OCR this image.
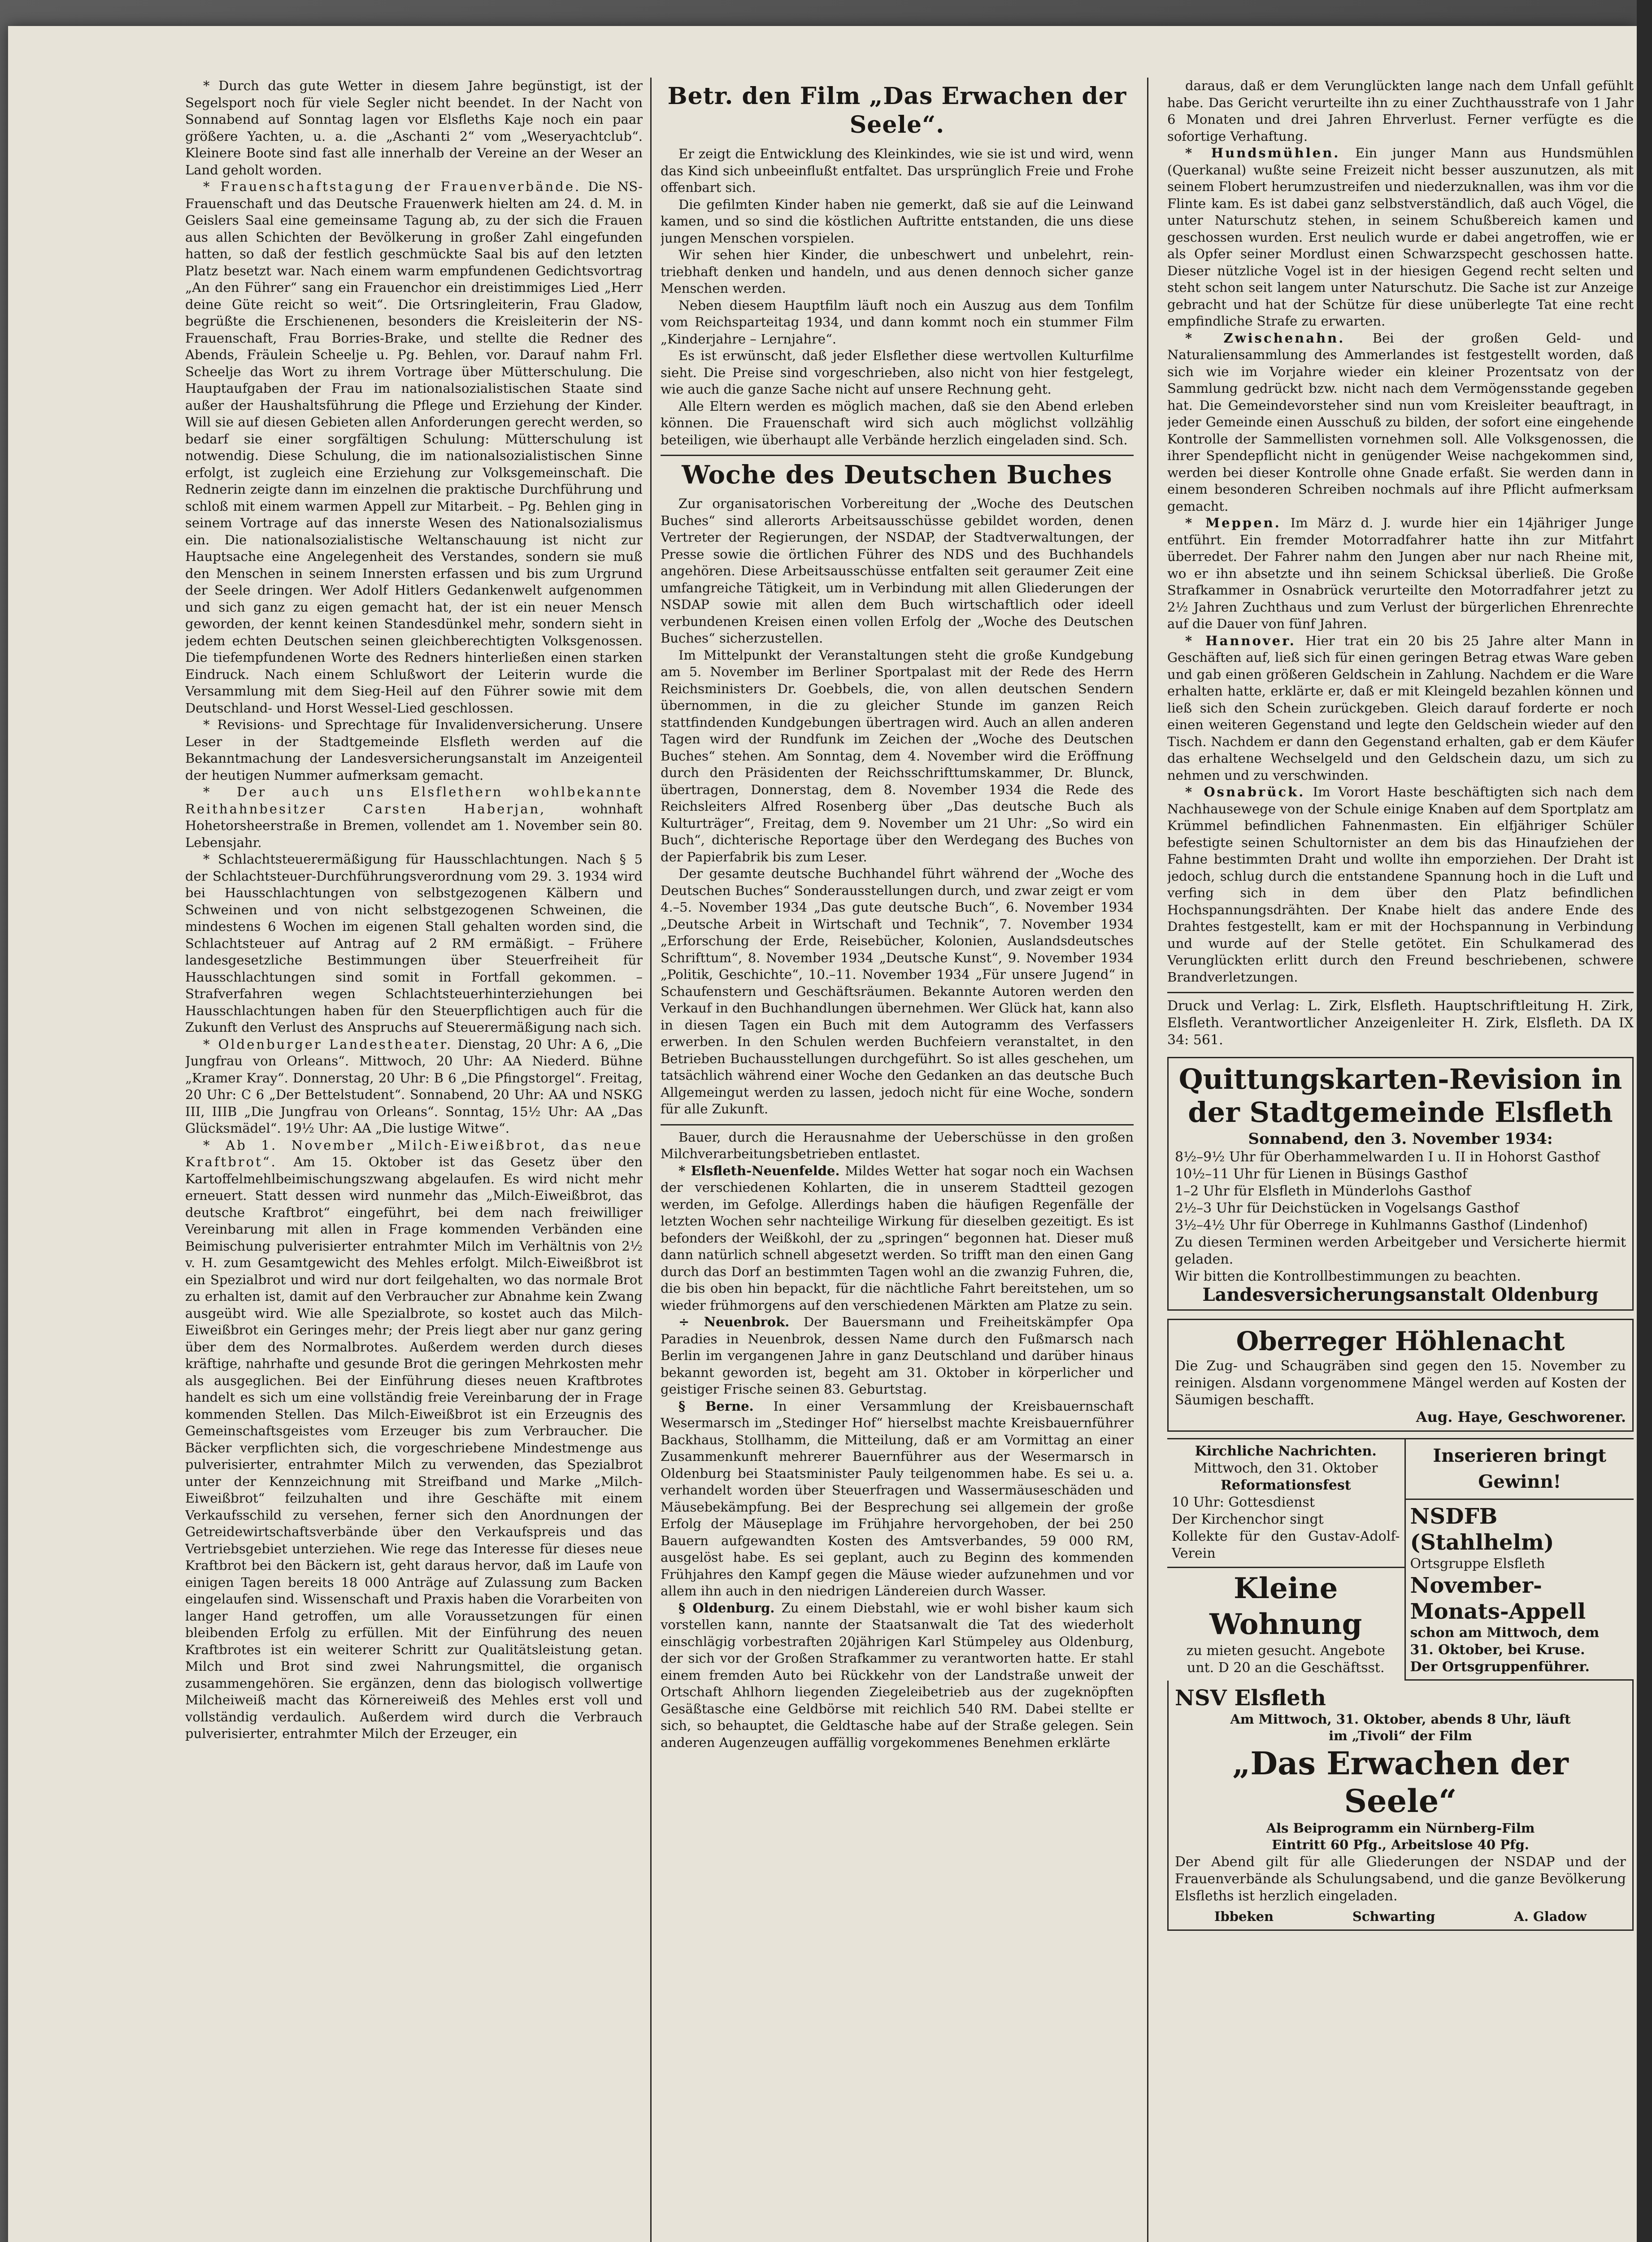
* Durch das gute Wetter in diesem Jahre begünstigt, ist der Segelsport noch für viele Segler nicht beendet. In der Nacht von Sonnabend auf Sonntag lagen vor Elsfleths Kaje noch ein paar größere Yachten, u. a. die „Aschanti 2“ vom „Weseryachtclub“. Kleinere Boote sind fast alle innerhalb der Vereine an der Weser an Land geholt worden.

* Frauenschaftstagung der Frauenverbände. Die NS-Frauenschaft und das Deutsche Frauenwerk hielten am 24. d. M. in Geislers Saal eine gemeinsame Tagung ab, zu der sich die Frauen aus allen Schichten der Bevölkerung in großer Zahl eingefunden hatten, so daß der festlich geschmückte Saal bis auf den letzten Platz besetzt war. Nach einem warm empfundenen Gedichtsvortrag „An den Führer“ sang ein Frauenchor ein dreistimmiges Lied „Herr deine Güte reicht so weit“. Die Ortsringleiterin, Frau Gladow, begrüßte die Erschienenen, besonders die Kreisleiterin der NS-Frauenschaft, Frau Borries-Brake, und stellte die Redner des Abends, Fräulein Scheelje u. Pg. Behlen, vor. Darauf nahm Frl. Scheelje das Wort zu ihrem Vortrage über Mütterschulung. Die Hauptaufgaben der Frau im nationalsozialistischen Staate sind außer der Haushaltsführung die Pflege und Erziehung der Kinder. Will sie auf diesen Gebieten allen Anforderungen gerecht werden, so bedarf sie einer sorgfältigen Schulung: Mütterschulung ist notwendig. Diese Schulung, die im nationalsozialistischen Sinne erfolgt, ist zugleich eine Erziehung zur Volksgemeinschaft. Die Rednerin zeigte dann im einzelnen die praktische Durchführung und schloß mit einem warmen Appell zur Mitarbeit. – Pg. Behlen ging in seinem Vortrage auf das innerste Wesen des Nationalsozialismus ein. Die nationalsozialistische Weltanschauung ist nicht zur Hauptsache eine Angelegenheit des Verstandes, sondern sie muß den Menschen in seinem Innersten erfassen und bis zum Urgrund der Seele dringen. Wer Adolf Hitlers Gedankenwelt aufgenommen und sich ganz zu eigen gemacht hat, der ist ein neuer Mensch geworden, der kennt keinen Standesdünkel mehr, sondern sieht in jedem echten Deutschen seinen gleichberechtigten Volksgenossen. Die tiefempfundenen Worte des Redners hinterließen einen starken Eindruck. Nach einem Schlußwort der Leiterin wurde die Versammlung mit dem Sieg-Heil auf den Führer sowie mit dem Deutschland- und Horst Wessel-Lied geschlossen.

* Revisions- und Sprechtage für Invalidenversicherung. Unsere Leser in der Stadtgemeinde Elsfleth werden auf die Bekanntmachung der Landesversicherungsanstalt im Anzeigenteil der heutigen Nummer aufmerksam gemacht.

* Der auch uns Elsflethern wohlbekannte Reithahnbesitzer Carsten Haberjan,	wohnhaft Hohetorsheerstraße in Bremen, vollendet am 1. November sein 80. Lebensjahr.

* Schlachtsteuerermäßigung für Hausschlachtungen. Nach § 5 der Schlachtsteuer-Durchführungsverordnung vom 29. 3. 1934 wird bei Hausschlachtungen von selbstgezogenen Kälbern und Schweinen und von nicht selbstgezogenen Schweinen, die mindestens 6 Wochen im eigenen Stall gehalten worden sind, die Schlachtsteuer auf Antrag auf 2 RM ermäßigt. – Frühere landesgesetzliche Bestimmungen über Steuerfreiheit für Hausschlachtungen sind somit in Fortfall gekommen. – Strafverfahren wegen Schlachtsteuerhinterziehungen bei Hausschlachtungen haben für den Steuerpflichtigen auch für die Zukunft den Verlust des Anspruchs auf Steuerermäßigung nach sich.

* Oldenburger Landestheater. Dienstag, 20 Uhr: A 6, „Die Jungfrau von Orleans“. Mittwoch, 20 Uhr: AA Niederd. Bühne „Kramer Kray“. Donnerstag, 20 Uhr: B 6 „Die Pfingstorgel“. Freitag, 20 Uhr: C 6 „Der Bettelstudent“. Sonnabend, 20 Uhr: AA und NSKG III, IIIB „Die Jungfrau von Orleans“. Sonntag, 15½ Uhr: AA „Das Glücksmädel“. 19½ Uhr: AA „Die lustige Witwe“.

* Ab 1. November „Milch-Eiweißbrot, das neue Kraftbrot“. Am 15. Oktober ist das Gesetz über den Kartoffelmehlbeimischungszwang abgelaufen. Es wird nicht mehr erneuert. Statt dessen wird nunmehr das „Milch-Eiweißbrot, das deutsche Kraftbrot“ eingeführt, bei dem nach freiwilliger Vereinbarung mit allen in Frage kommenden Verbänden eine Beimischung pulverisierter entrahmter Milch im Verhältnis von 2½ v. H. zum Gesamtgewicht des Mehles erfolgt. Milch-Eiweißbrot ist ein Spezialbrot und wird nur dort feilgehalten, wo das normale Brot zu erhalten ist, damit auf den Verbraucher zur Abnahme kein Zwang ausgeübt wird. Wie alle Spezialbrote, so kostet auch das Milch-Eiweißbrot ein Geringes mehr; der Preis liegt aber nur ganz gering über dem des Normalbrotes. Außerdem werden durch dieses kräftige, nahrhafte und gesunde Brot die geringen Mehrkosten mehr als ausgeglichen. Bei der Einführung dieses neuen Kraftbrotes handelt es sich um eine vollständig freie Vereinbarung der in Frage kommenden Stellen. Das Milch-Eiweißbrot ist ein Erzeugnis des Gemeinschaftsgeistes vom Erzeuger bis zum Verbraucher. Die Bäcker verpflichten sich, die vorgeschriebene Mindestmenge aus pulverisierter, entrahmter Milch zu verwenden, das Spezialbrot unter der Kennzeichnung mit Streifband und Marke „Milch-Eiweißbrot“ feilzuhalten und ihre Geschäfte mit einem Verkaufsschild zu versehen, ferner sich den Anordnungen der Getreidewirtschaftsverbände über den Verkaufspreis und das Vertriebsgebiet unterziehen. Wie rege das Interesse für dieses neue Kraftbrot bei den Bäckern ist, geht daraus hervor, daß im Laufe von einigen Tagen bereits 18 000 Anträge auf Zulassung zum Backen eingelaufen sind. Wissenschaft und Praxis haben die Vorarbeiten von langer Hand getroffen, um alle Voraussetzungen für einen bleibenden Erfolg zu erfüllen. Mit der Einführung des neuen Kraftbrotes ist ein weiterer Schritt zur Qualitätsleistung getan. Milch und Brot sind zwei Nahrungsmittel, die organisch zusammengehören. Sie ergänzen, denn das biologisch vollwertige Milcheiweiß macht das Körnereiweiß des Mehles erst voll und vollständig verdaulich. Außerdem wird durch die Verbrauch pulverisierter, entrahmter Milch der Erzeuger, ein

Betr. den Film „Das Erwachen der Seele“.

Er zeigt die Entwicklung des Kleinkindes, wie sie ist und wird, wenn das Kind sich unbeeinflußt entfaltet. Das ursprünglich Freie und Frohe offenbart sich.

Die gefilmten Kinder haben nie gemerkt, daß sie auf die Leinwand kamen, und so sind die köstlichen Auftritte entstanden, die uns diese jungen Menschen vorspielen.

Wir sehen hier Kinder, die unbeschwert und unbelehrt, rein-triebhaft denken und handeln, und aus denen dennoch sicher ganze Menschen werden.

Neben diesem Hauptfilm läuft noch ein Auszug aus dem Tonfilm vom Reichsparteitag 1934, und dann kommt noch ein stummer Film „Kinderjahre – Lernjahre“.

Es ist erwünscht, daß jeder Elsflether diese wertvollen Kulturfilme sieht. Die Preise sind vorgeschrieben, also nicht von hier festgelegt, wie auch die ganze Sache nicht auf unsere Rechnung geht.

Alle Eltern werden es möglich machen, daß sie den Abend erleben können. Die Frauenschaft wird sich auch möglichst vollzählig beteiligen, wie überhaupt alle Verbände herzlich eingeladen sind. Sch.

Woche des Deutschen Buches

Zur organisatorischen Vorbereitung der „Woche des Deutschen Buches“ sind allerorts Arbeitsausschüsse gebildet worden, denen Vertreter der Regierungen, der NSDAP, der Stadtverwaltungen, der Presse sowie die örtlichen Führer des NDS und des Buchhandels angehören. Diese Arbeitsausschüsse entfalten seit geraumer Zeit eine umfangreiche Tätigkeit, um in Verbindung mit allen Gliederungen der NSDAP sowie mit allen dem Buch wirtschaftlich oder ideell verbundenen Kreisen einen vollen Erfolg der „Woche des Deutschen Buches“ sicherzustellen.

Im Mittelpunkt der Veranstaltungen steht die große Kundgebung am 5. November im Berliner Sportpalast mit der Rede des Herrn Reichsministers Dr. Goebbels, die, von allen deutschen Sendern übernommen, in die zu gleicher Stunde im ganzen Reich stattfindenden Kundgebungen übertragen wird. Auch an allen anderen Tagen wird der Rundfunk im Zeichen der „Woche des Deutschen Buches“ stehen. Am Sonntag, dem 4. November wird die Eröffnung durch den Präsidenten der Reichsschrifttumskammer, Dr. Blunck, übertragen, Donnerstag, dem 8. November 1934 die Rede des Reichsleiters Alfred Rosenberg über „Das deutsche Buch als Kulturträger“, Freitag, dem 9. November um 21 Uhr: „So wird ein Buch“, dichterische Reportage über den Werdegang des Buches von der Papierfabrik bis zum Leser.

Der gesamte deutsche Buchhandel führt während der „Woche des Deutschen Buches“ Sonderausstellungen durch, und zwar zeigt er vom 4.–5. November 1934 „Das gute deutsche Buch“, 6. November 1934 „Deutsche Arbeit in Wirtschaft und Technik“, 7. November 1934 „Erforschung der Erde, Reisebücher, Kolonien, Auslandsdeutsches Schrifttum“, 8. November 1934 „Deutsche Kunst“, 9. November 1934 „Politik, Geschichte“, 10.–11. November 1934 „Für unsere Jugend“ in Schaufenstern und Geschäftsräumen. Bekannte Autoren werden den Verkauf in den Buchhandlungen übernehmen. Wer Glück hat, kann also in diesen Tagen ein Buch mit dem Autogramm des Verfassers erwerben. In den Schulen werden Buchfeiern veranstaltet, in den Betrieben Buchausstellungen durchgeführt. So ist alles geschehen, um tatsächlich während einer Woche den Gedanken an das deutsche Buch Allgemeingut werden zu lassen, jedoch nicht für eine Woche, sondern für alle Zukunft.

Bauer, durch die Herausnahme der Ueberschüsse in den großen Milchverarbeitungsbetrieben entlastet.

* Elsfleth-Neuenfelde. Mildes Wetter hat sogar noch ein Wachsen der verschiedenen Kohlarten, die in unserem Stadtteil gezogen werden, im Gefolge. Allerdings haben die häufigen Regenfälle der letzten Wochen sehr nachteilige Wirkung für dieselben gezeitigt. Es ist befonders der Weißkohl, der zu „springen“ begonnen hat. Dieser muß dann natürlich schnell abgesetzt werden. So trifft man den einen Gang durch das Dorf an bestimmten Tagen wohl an die zwanzig Fuhren, die, die bis oben hin bepackt, für die nächtliche Fahrt bereitstehen, um so wieder frühmorgens auf den verschiedenen Märkten am Platze zu sein.

÷ Neuenbrok. Der Bauersmann und Freiheitskämpfer Opa Paradies in Neuenbrok, dessen Name durch den Fußmarsch nach Berlin im vergangenen Jahre in ganz Deutschland und darüber hinaus bekannt geworden ist, begeht am 31. Oktober in körperlicher und geistiger Frische seinen 83. Geburtstag.

§ Berne. In einer Versammlung der Kreisbauernschaft Wesermarsch im „Stedinger Hof“ hierselbst machte Kreisbauernführer Backhaus, Stollhamm, die Mitteilung, daß er am Vormittag an einer Zusammenkunft mehrerer Bauernführer aus der Wesermarsch in Oldenburg bei Staatsminister Pauly teilgenommen habe. Es sei u. a. verhandelt worden über Steuerfragen und Wassermäuseschäden und Mäusebekämpfung. Bei der Besprechung sei allgemein der große Erfolg der Mäuseplage im Frühjahre hervorgehoben, der bei 250 Bauern aufgewandten Kosten des Amtsverbandes, 59 000 RM, ausgelöst habe. Es sei geplant, auch zu Beginn des kommenden Frühjahres den Kampf gegen die Mäuse wieder aufzunehmen und vor allem ihn auch in den niedrigen Ländereien durch Wasser.

§ Oldenburg. Zu einem Diebstahl, wie er wohl bisher kaum sich vorstellen kann, nannte der Staatsanwalt die Tat des wiederholt einschlägig vorbestraften 20jährigen Karl Stümpeley aus Oldenburg, der sich vor der Großen Strafkammer zu verantworten hatte. Er stahl einem fremden Auto bei Rückkehr von der Landstraße unweit der Ortschaft Ahlhorn liegenden Ziegeleibetrieb aus der zugeknöpften Gesäßtasche eine Geldbörse mit reichlich 540 RM. Dabei stellte er sich, so behauptet, die Geldtasche habe auf der Straße gelegen. Sein anderen Augenzeugen auffällig vorgekommenes Benehmen erklärte

daraus, daß er dem Verunglückten lange nach dem Unfall gefühlt habe. Das Gericht verurteilte ihn zu einer Zuchthausstrafe von 1 Jahr 6 Monaten und drei Jahren Ehrverlust. Ferner verfügte es die sofortige Verhaftung.

* Hundsmühlen. Ein junger Mann aus Hundsmühlen (Querkanal) wußte seine Freizeit nicht besser auszunutzen, als mit seinem Flobert herumzustreifen und niederzuknallen, was ihm vor die Flinte kam. Es ist dabei ganz selbstverständlich, daß auch Vögel, die unter Naturschutz stehen, in seinem Schußbereich kamen und geschossen wurden. Erst neulich wurde er dabei angetroffen, wie er als Opfer seiner Mordlust einen Schwarzspecht geschossen hatte. Dieser nützliche Vogel ist in der hiesigen Gegend recht selten und steht schon seit langem unter Naturschutz. Die Sache ist zur Anzeige gebracht und hat der Schütze für diese unüberlegte Tat eine recht empfindliche Strafe zu erwarten.

* Zwischenahn. Bei der großen Geld- und Naturaliensammlung des Ammerlandes ist festgestellt worden, daß sich wie im Vorjahre wieder ein kleiner Prozentsatz von der Sammlung gedrückt bzw. nicht nach dem Vermögensstande gegeben hat. Die Gemeindevorsteher sind nun vom Kreisleiter beauftragt, in jeder Gemeinde einen Ausschuß zu bilden, der sofort eine eingehende Kontrolle der Sammellisten vornehmen soll. Alle Volksgenossen, die ihrer Spendepflicht nicht in genügender Weise nachgekommen sind, werden bei dieser Kontrolle ohne Gnade erfaßt. Sie werden dann in einem besonderen Schreiben nochmals auf ihre Pflicht aufmerksam gemacht.

* Meppen. Im März d. J. wurde hier ein 14jähriger Junge entführt. Ein fremder Motorradfahrer hatte ihn zur Mitfahrt überredet. Der Fahrer nahm den Jungen aber nur nach Rheine mit, wo er ihn absetzte und ihn seinem Schicksal überließ. Die Große Strafkammer in Osnabrück verurteilte den Motorradfahrer jetzt zu 2½ Jahren Zuchthaus und zum Verlust der bürgerlichen Ehrenrechte auf die Dauer von fünf Jahren.

* Hannover. Hier trat ein 20 bis 25 Jahre alter Mann in Geschäften auf, ließ sich für einen geringen Betrag etwas Ware geben und gab einen größeren Geldschein in Zahlung. Nachdem er die Ware erhalten hatte, erklärte er, daß er mit Kleingeld bezahlen können und ließ sich den Schein zurückgeben. Gleich darauf forderte er noch einen weiteren Gegenstand und legte den Geldschein wieder auf den Tisch. Nachdem er dann den Gegenstand erhalten, gab er dem Käufer das erhaltene Wechselgeld und den Geldschein dazu, um sich zu nehmen und zu verschwinden.

* Osnabrück. Im Vorort Haste beschäftigten sich nach dem Nachhausewege von der Schule einige Knaben auf dem Sportplatz am Krümmel befindlichen Fahnenmasten. Ein elfjähriger Schüler befestigte seinen Schultornister an dem bis das Hinaufziehen der Fahne bestimmten Draht und wollte ihn emporziehen. Der Draht ist jedoch, schlug durch die entstandene Spannung hoch in die Luft und verfing sich in dem über den Platz befindlichen Hochspannungsdrähten. Der Knabe hielt das andere Ende des Drahtes festgestellt, kam er mit der Hochspannung in Verbindung und wurde auf der Stelle getötet. Ein Schulkamerad des Verunglückten erlitt durch den Freund beschriebenen, schwere Brandverletzungen.

Druck und Verlag: L. Zirk, Elsfleth. Hauptschriftleitung H. Zirk, Elsfleth. Verantwortlicher Anzeigenleiter H. Zirk, Elsfleth. DA IX 34: 561.
Quittungskarten-Revision in der Stadtgemeinde Elsfleth
Sonnabend, den 3. November 1934:
8½–9½ Uhr für Oberhammelwarden I u. II in Hohorst Gasthof
10½–11 Uhr für Lienen in Büsings Gasthof
1–2 Uhr für Elsfleth in Münderlohs Gasthof
2½–3 Uhr für Deichstücken in Vogelsangs Gasthof
3½–4½ Uhr für Oberrege in Kuhlmanns Gasthof (Lindenhof)
Zu diesen Terminen werden Arbeitgeber und Versicherte hiermit geladen.
Wir bitten die Kontrollbestimmungen zu beachten.
Landesversicherungsanstalt Oldenburg
Oberreger Höhlenacht
Die Zug- und Schaugräben sind gegen den 15. November zu reinigen. Alsdann vorgenommene Mängel werden auf Kosten der Säumigen beschafft.
Aug. Haye, Geschworener.
Kirchliche Nachrichten.
Mittwoch, den 31. Oktober
Reformationsfest
10 Uhr: Gottesdienst
Der Kirchenchor singt
Kollekte für den Gustav-Adolf-Verein
Kleine Wohnung
zu mieten gesucht. Angebote
unt. D 20 an die Geschäftsst.
Inserieren bringt Gewinn!
NSDFB (Stahlhelm)
Ortsgruppe Elsfleth
November-Monats-Appell
schon am Mittwoch, dem
31. Oktober, bei Kruse.
Der Ortsgruppenführer.
NSV Elsfleth
Am Mittwoch, 31. Oktober, abends 8 Uhr, läuft
im „Tivoli“ der Film
„Das Erwachen der Seele“
Als Beiprogramm ein Nürnberg-Film
Eintritt 60 Pfg., Arbeitslose 40 Pfg.
Der Abend gilt für alle Gliederungen der NSDAP und der Frauenverbände als Schulungsabend, und die ganze Bevölkerung Elsfleths ist herzlich eingeladen.
Ibbeken	Schwarting	A. Gladow
